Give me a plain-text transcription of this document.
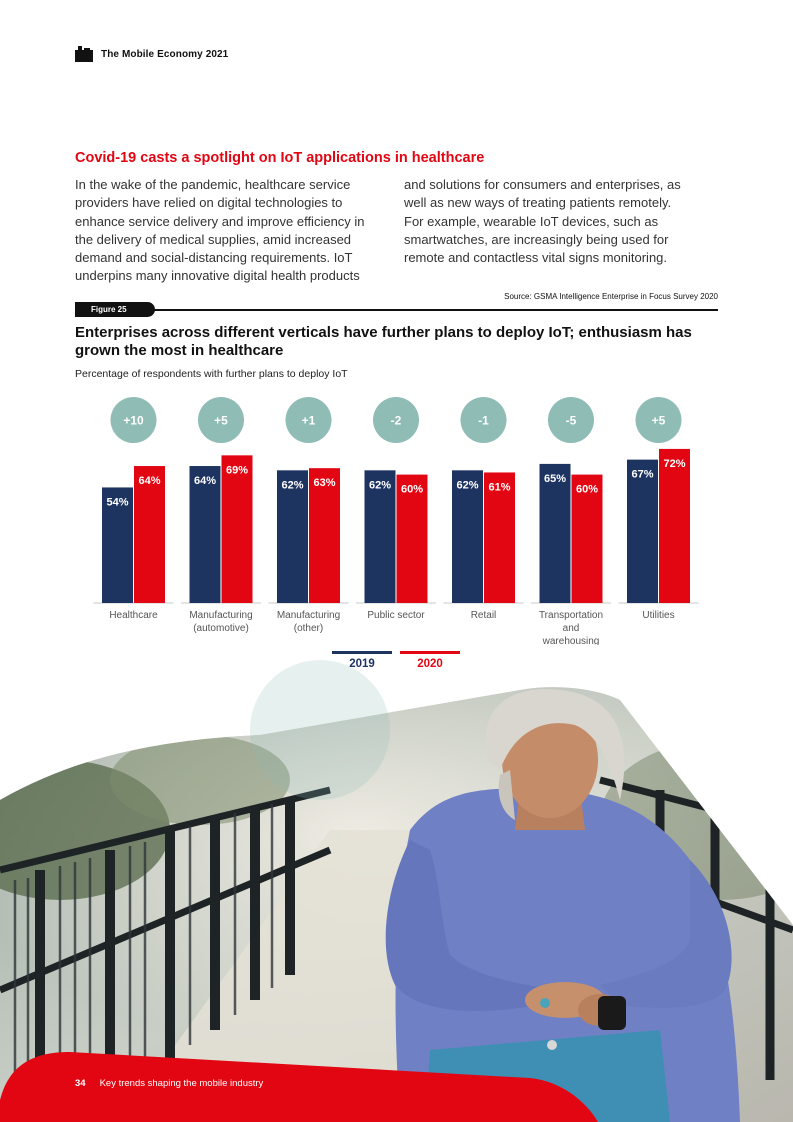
The Mobile Economy 2021
Covid-19 casts a spotlight on IoT applications in healthcare
In the wake of the pandemic, healthcare service providers have relied on digital technologies to enhance service delivery and improve efficiency in the delivery of medical supplies, amid increased demand and social-distancing requirements. IoT underpins many innovative digital health products
and solutions for consumers and enterprises, as well as new ways of treating patients remotely. For example, wearable IoT devices, such as smartwatches, are increasingly being used for remote and contactless vital signs monitoring.
Source: GSMA Intelligence Enterprise in Focus Survey 2020
Figure 25
Enterprises across different verticals have further plans to deploy IoT; enthusiasm has grown the most in healthcare
Percentage of respondents with further plans to deploy IoT
+10
54%
64%
Healthcare
+5
64%
69%
Manufacturing (automotive)
+1
62% 63%
Manufacturing (other)
-2
62% 60%
Public sector
-1
62% 61%
Retail
-5
65%
60%
Transportation and warehousing
+5
67%
72%
Utilities
2019	2020
34 Key trends shaping the mobile industry
